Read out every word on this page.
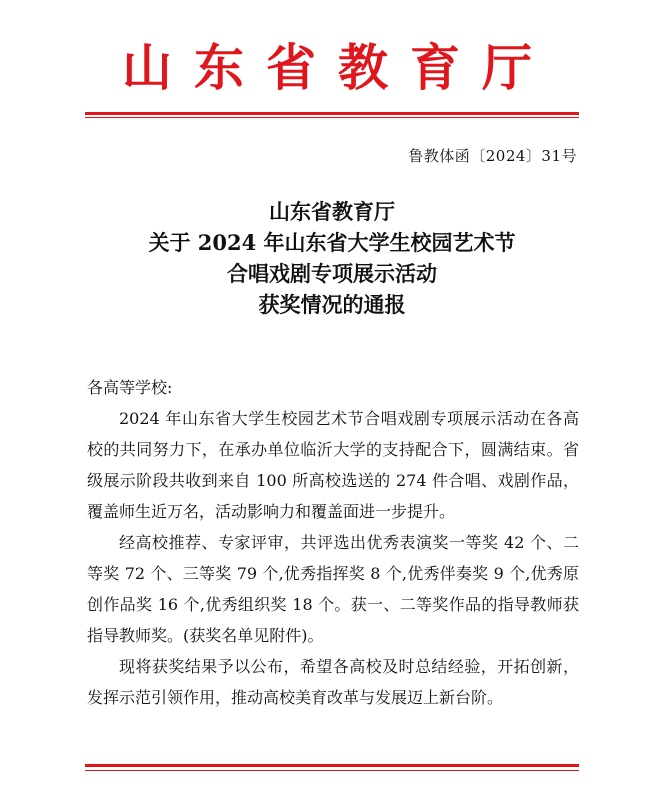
山东省教育厅
鲁教体函〔2024〕31号
山东省教育厅
关于 2024 年山东省大学生校园艺术节
合唱戏剧专项展示活动
获奖情况的通报

各高等学校:

2024 年山东省大学生校园艺术节合唱戏剧专项展示活动在各高校的共同努力下，在承办单位临沂大学的支持配合下，圆满结束。省级展示阶段共收到来自 100 所高校选送的 274 件合唱、戏剧作品，覆盖师生近万名，活动影响力和覆盖面进一步提升。

经高校推荐、专家评审，共评选出优秀表演奖一等奖 42 个、二等奖 72 个、三等奖 79 个,优秀指挥奖 8 个,优秀伴奏奖 9 个,优秀原创作品奖 16 个,优秀组织奖 18 个。获一、二等奖作品的指导教师获指导教师奖。(获奖名单见附件)。

现将获奖结果予以公布，希望各高校及时总结经验，开拓创新，发挥示范引领作用，推动高校美育改革与发展迈上新台阶。
